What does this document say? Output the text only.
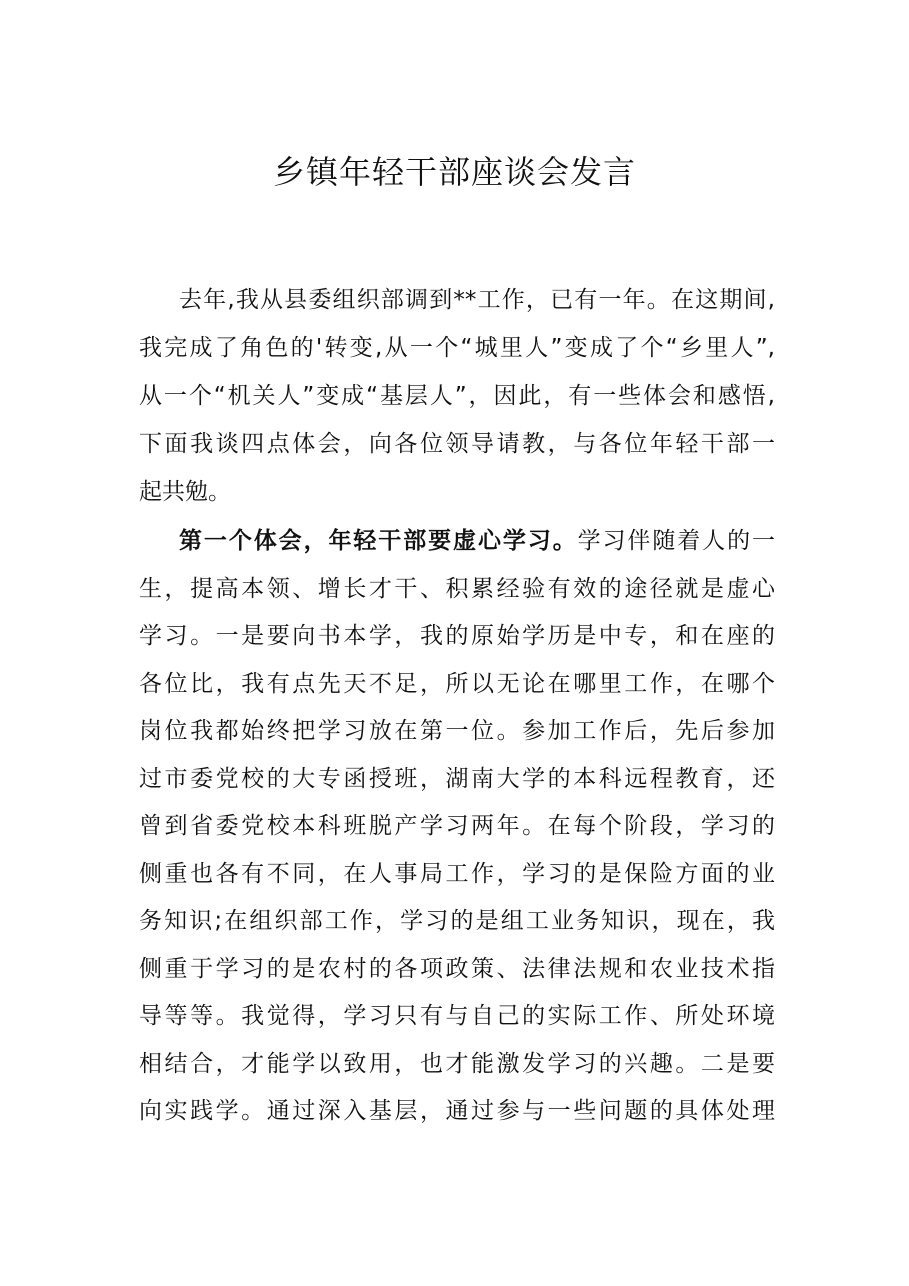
乡镇年轻干部座谈会发言
去年,我从县委组织部调到**工作，已有一年。在这期间,
我完成了角色的'转变,从一个“城里人”变成了个“乡里人”,
从一个“机关人”变成“基层人”，因此，有一些体会和感悟,
下面我谈四点体会，向各位领导请教，与各位年轻干部一
起共勉。
第一个体会，年轻干部要虚心学习。学习伴随着人的一
生，提高本领、增长才干、积累经验有效的途径就是虚心
学习。一是要向书本学，我的原始学历是中专，和在座的
各位比，我有点先天不足，所以无论在哪里工作，在哪个
岗位我都始终把学习放在第一位。参加工作后，先后参加
过市委党校的大专函授班，湖南大学的本科远程教育，还
曾到省委党校本科班脱产学习两年。在每个阶段，学习的
侧重也各有不同，在人事局工作，学习的是保险方面的业
务知识;在组织部工作，学习的是组工业务知识，现在，我
侧重于学习的是农村的各项政策、法律法规和农业技术指
导等等。我觉得，学习只有与自己的实际工作、所处环境
相结合，才能学以致用，也才能激发学习的兴趣。二是要
向实践学。通过深入基层，通过参与一些问题的具体处理
